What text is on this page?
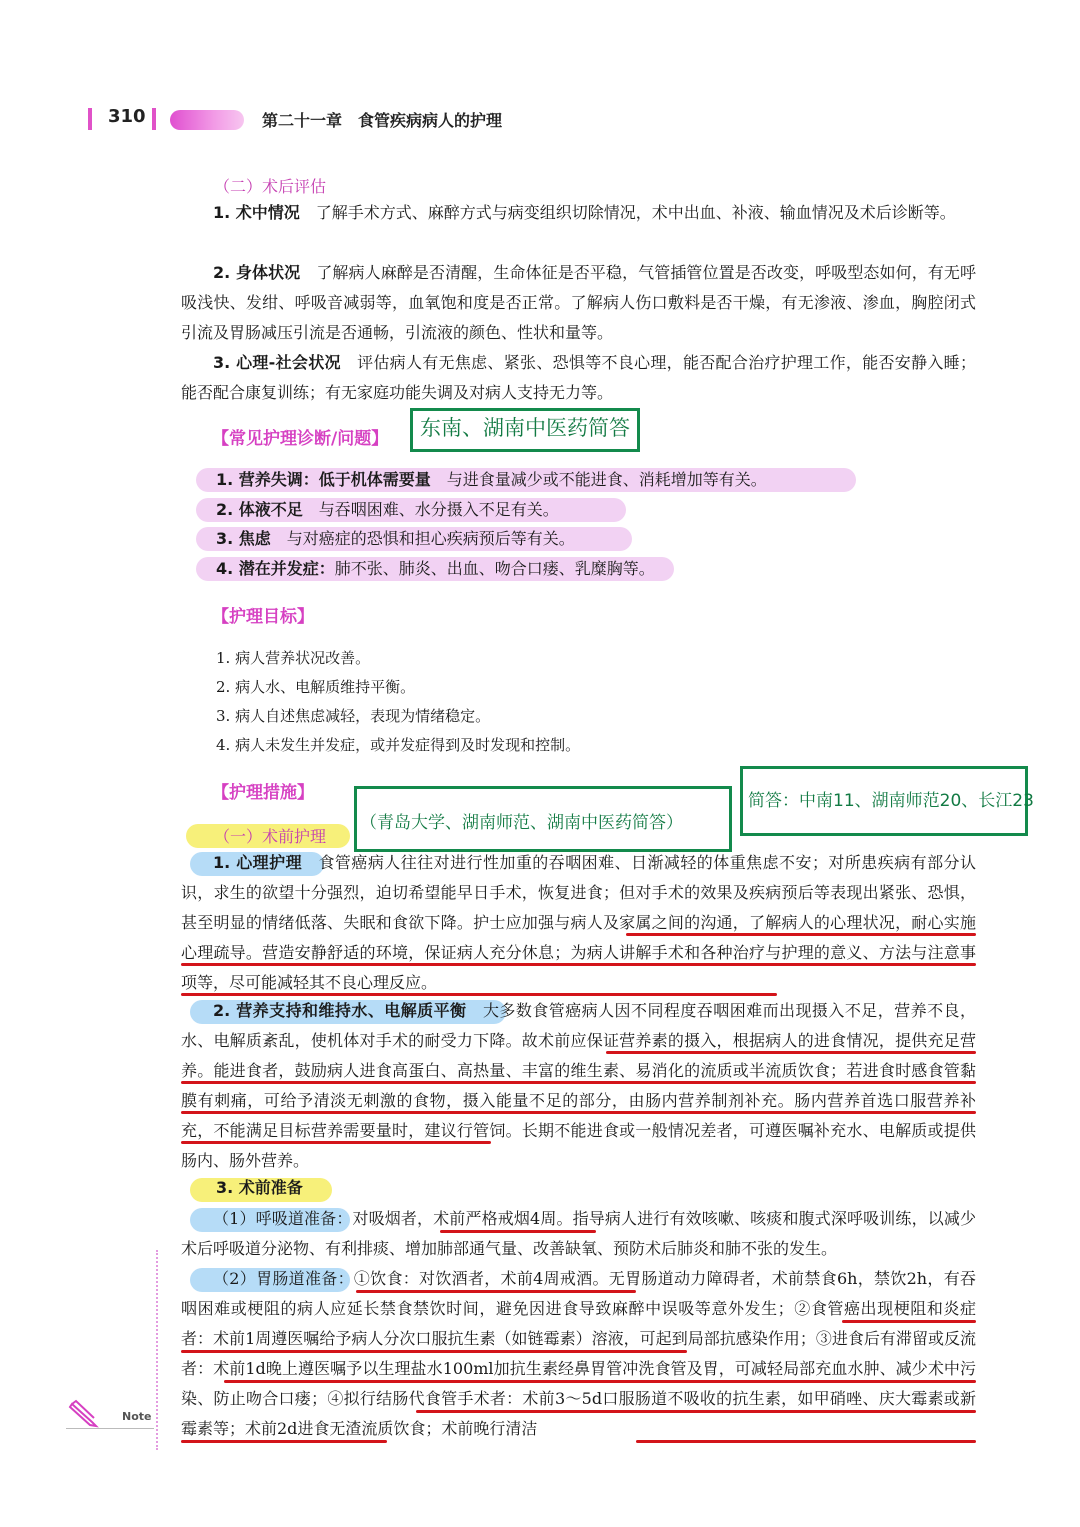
310	第二十一章　食管疾病病人的护理
（二）术后评估

1. 术中情况　了解手术方式、麻醉方式与病变组织切除情况，术中出血、补液、输血情况及术后诊断等。

2. 身体状况　了解病人麻醉是否清醒，生命体征是否平稳，气管插管位置是否改变，呼吸型态如何，有无呼吸浅快、发绀、呼吸音减弱等，血氧饱和度是否正常。了解病人伤口敷料是否干燥，有无渗液、渗血，胸腔闭式引流及胃肠减压引流是否通畅，引流液的颜色、性状和量等。

3. 心理-社会状况　评估病人有无焦虑、紧张、恐惧等不良心理，能否配合治疗护理工作，能否安静入睡；能否配合康复训练；有无家庭功能失调及对病人支持无力等。

【常见护理诊断/问题】 东南、湖南中医药简答
1. 营养失调：低于机体需要量　与进食量减少或不能进食、消耗增加等有关。
2. 体液不足　与吞咽困难、水分摄入不足有关。
3. 焦虑　与对癌症的恐惧和担心疾病预后等有关。
4. 潜在并发症：肺不张、肺炎、出血、吻合口瘘、乳糜胸等。
【护理目标】
1. 病人营养状况改善。
2. 病人水、电解质维持平衡。
3. 病人自述焦虑减轻，表现为情绪稳定。
4. 病人未发生并发症，或并发症得到及时发现和控制。
【护理措施】	简答：中南11、湖南师范20、长江23
（一）术前护理
（青岛大学、湖南师范、湖南中医药简答）

1. 心理护理　食管癌病人往往对进行性加重的吞咽困难、日渐减轻的体重焦虑不安；对所患疾病有部分认识，求生的欲望十分强烈，迫切希望能早日手术，恢复进食；但对手术的效果及疾病预后等表现出紧张、恐惧，甚至明显的情绪低落、失眠和食欲下降。护士应加强与病人及家属之间的沟通，了解病人的心理状况，耐心实施心理疏导。营造安静舒适的环境，保证病人充分休息；为病人讲解手术和各种治疗与护理的意义、方法与注意事项等，尽可能减轻其不良心理反应。

2. 营养支持和维持水、电解质平衡　大多数食管癌病人因不同程度吞咽困难而出现摄入不足，营养不良，水、电解质紊乱，使机体对手术的耐受力下降。故术前应保证营养素的摄入，根据病人的进食情况，提供充足营养。能进食者，鼓励病人进食高蛋白、高热量、丰富的维生素、易消化的流质或半流质饮食；若进食时感食管黏膜有刺痛，可给予清淡无刺激的食物，摄入能量不足的部分，由肠内营养制剂补充。肠内营养首选口服营养补充，不能满足目标营养需要量时，建议行管饲。长期不能进食或一般情况差者，可遵医嘱补充水、电解质或提供肠内、肠外营养。

3. 术前准备

（1）呼吸道准备：对吸烟者，术前严格戒烟4周。指导病人进行有效咳嗽、咳痰和腹式深呼吸训练，以减少术后呼吸道分泌物、有利排痰、增加肺部通气量、改善缺氧、预防术后肺炎和肺不张的发生。

（2）胃肠道准备：①饮食：对饮酒者，术前4周戒酒。无胃肠道动力障碍者，术前禁食6h，禁饮2h，有吞咽困难或梗阻的病人应延长禁食禁饮时间，避免因进食导致麻醉中误吸等意外发生；②食管癌出现梗阻和炎症者：术前1周遵医嘱给予病人分次口服抗生素（如链霉素）溶液，可起到局部抗感染作用；③进食后有滞留或反流者：术前1d晚上遵医嘱予以生理盐水100ml加抗生素经鼻胃管冲洗食管及胃，可减轻局部充血水肿、减少术中污染、防止吻合口瘘；④拟行结肠代食管手术者：术前3～5d口服肠道不吸收的抗生素，如甲硝唑、庆大霉素或新霉素等；术前2d进食无渣流质饮食；术前晚行清洁

Note
